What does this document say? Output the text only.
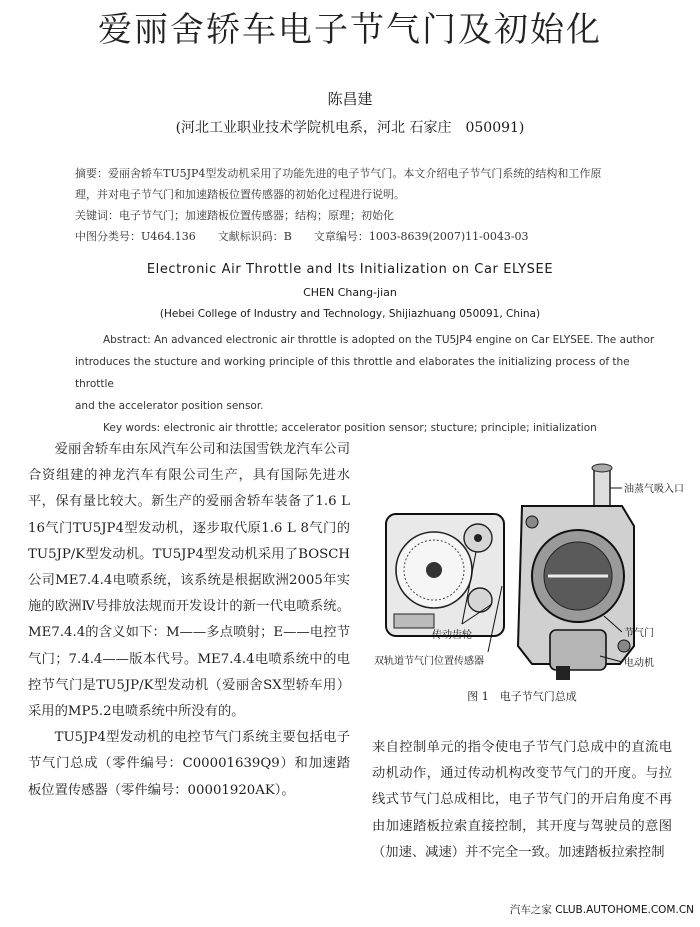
爱丽舍轿车电子节气门及初始化
陈昌建
(河北工业职业技术学院机电系，河北 石家庄　050091)

摘要：爱丽舍轿车TU5JP4型发动机采用了功能先进的电子节气门。本文介绍电子节气门系统的结构和工作原

理，并对电子节气门和加速踏板位置传感器的初始化过程进行说明。

关键词：电子节气门；加速踏板位置传感器；结构；原理；初始化

中图分类号：U464.136　　文献标识码：B　　文章编号：1003-8639(2007)11-0043-03

Electronic Air Throttle and Its Initialization on Car ELYSEE
CHEN Chang-jian
(Hebei College of Industry and Technology, Shijiazhuang 050091, China)

Abstract: An advanced electronic air throttle is adopted on the TU5JP4 engine on Car ELYSEE. The author

introduces the stucture and working principle of this throttle and elaborates the initializing process of the throttle

and the accelerator position sensor.

Key words: electronic air throttle; accelerator position sensor; stucture; principle; initialization

爱丽舍轿车由东风汽车公司和法国雪铁龙汽车公司合资组建的神龙汽车有限公司生产，具有国际先进水平，保有量比较大。新生产的爱丽舍轿车装备了1.6 L 16气门TU5JP4型发动机，逐步取代原1.6 L 8气门的TU5JP/K型发动机。TU5JP4型发动机采用了BOSCH公司ME7.4.4电喷系统，该系统是根据欧洲2005年实施的欧洲Ⅳ号排放法规而开发设计的新一代电喷系统。ME7.4.4的含义如下：M——多点喷射；E——电控节气门；7.4.4——版本代号。ME7.4.4电喷系统中的电控节气门是TU5JP/K型发动机（爱丽舍SX型轿车用）采用的MP5.2电喷系统中所没有的。

TU5JP4型发动机的电控节气门系统主要包括电子节气门总成（零件编号：C00001639Q9）和加速踏板位置传感器（零件编号：00001920AK）。

油蒸气吸入口
传动齿轮
双轨道节气门位置传感器
节气门
电动机
图 1　电子节气门总成
来自控制单元的指令使电子节气门总成中的直流电动机动作，通过传动机构改变节气门的开度。与拉线式节气门总成相比，电子节气门的开启角度不再由加速踏板拉索直接控制，其开度与驾驶员的意图（加速、减速）并不完全一致。加速踏板拉索控制
汽车之家 CLUB.AUTOHOME.COM.CN
